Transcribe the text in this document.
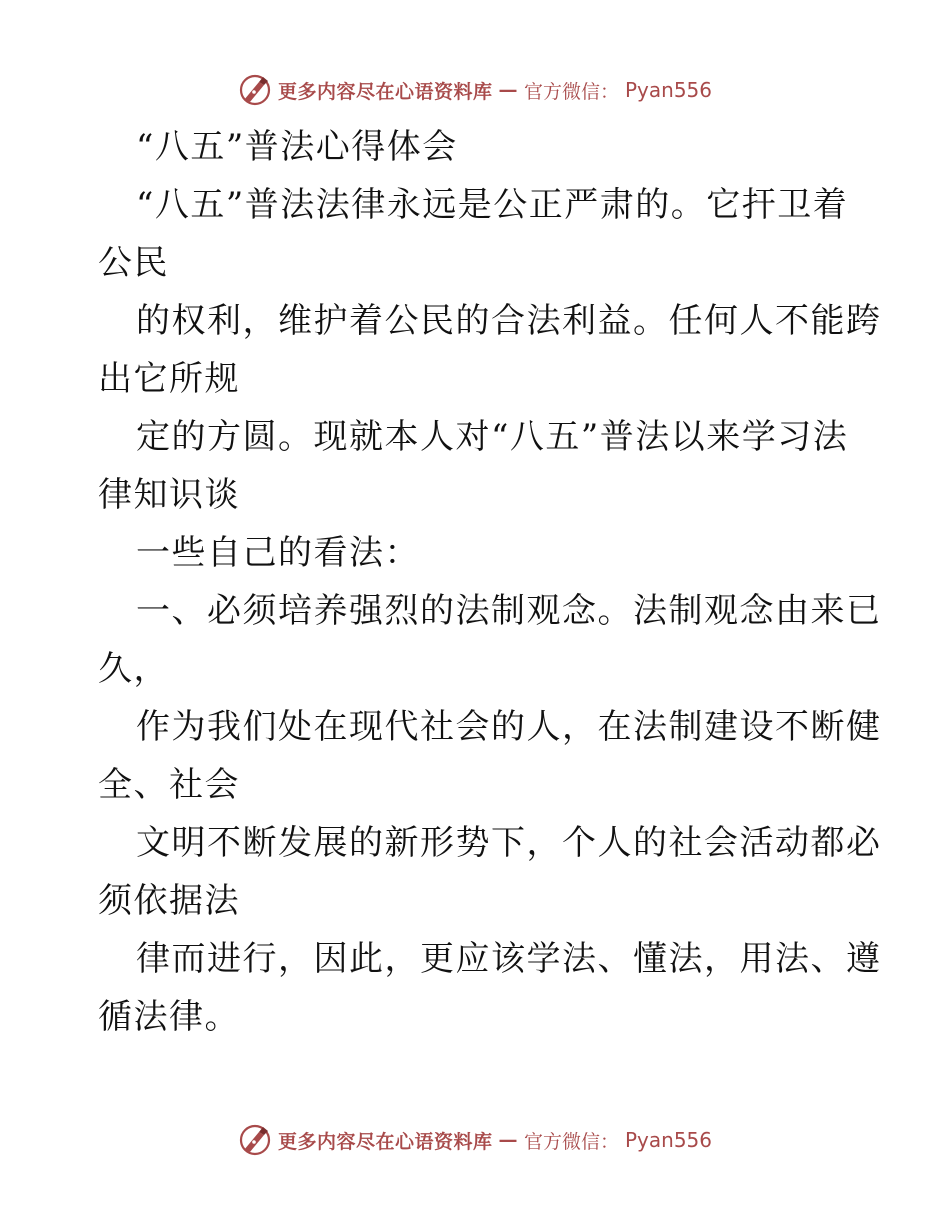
更多内容尽在心语资料库 — 官方微信： Pyan556
“八五”普法心得体会
“八五”普法法律永远是公正严肃的。它扞卫着
公民
的权利，维护着公民的合法利益。任何人不能跨
出它所规
定的方圆。现就本人对“八五”普法以来学习法
律知识谈
一些自己的看法：
一、必须培养强烈的法制观念。法制观念由来已
久，
作为我们处在现代社会的人，在法制建设不断健
全、社会
文明不断发展的新形势下，个人的社会活动都必
须依据法
律而进行，因此，更应该学法、懂法，用法、遵
循法律。
更多内容尽在心语资料库 — 官方微信： Pyan556
